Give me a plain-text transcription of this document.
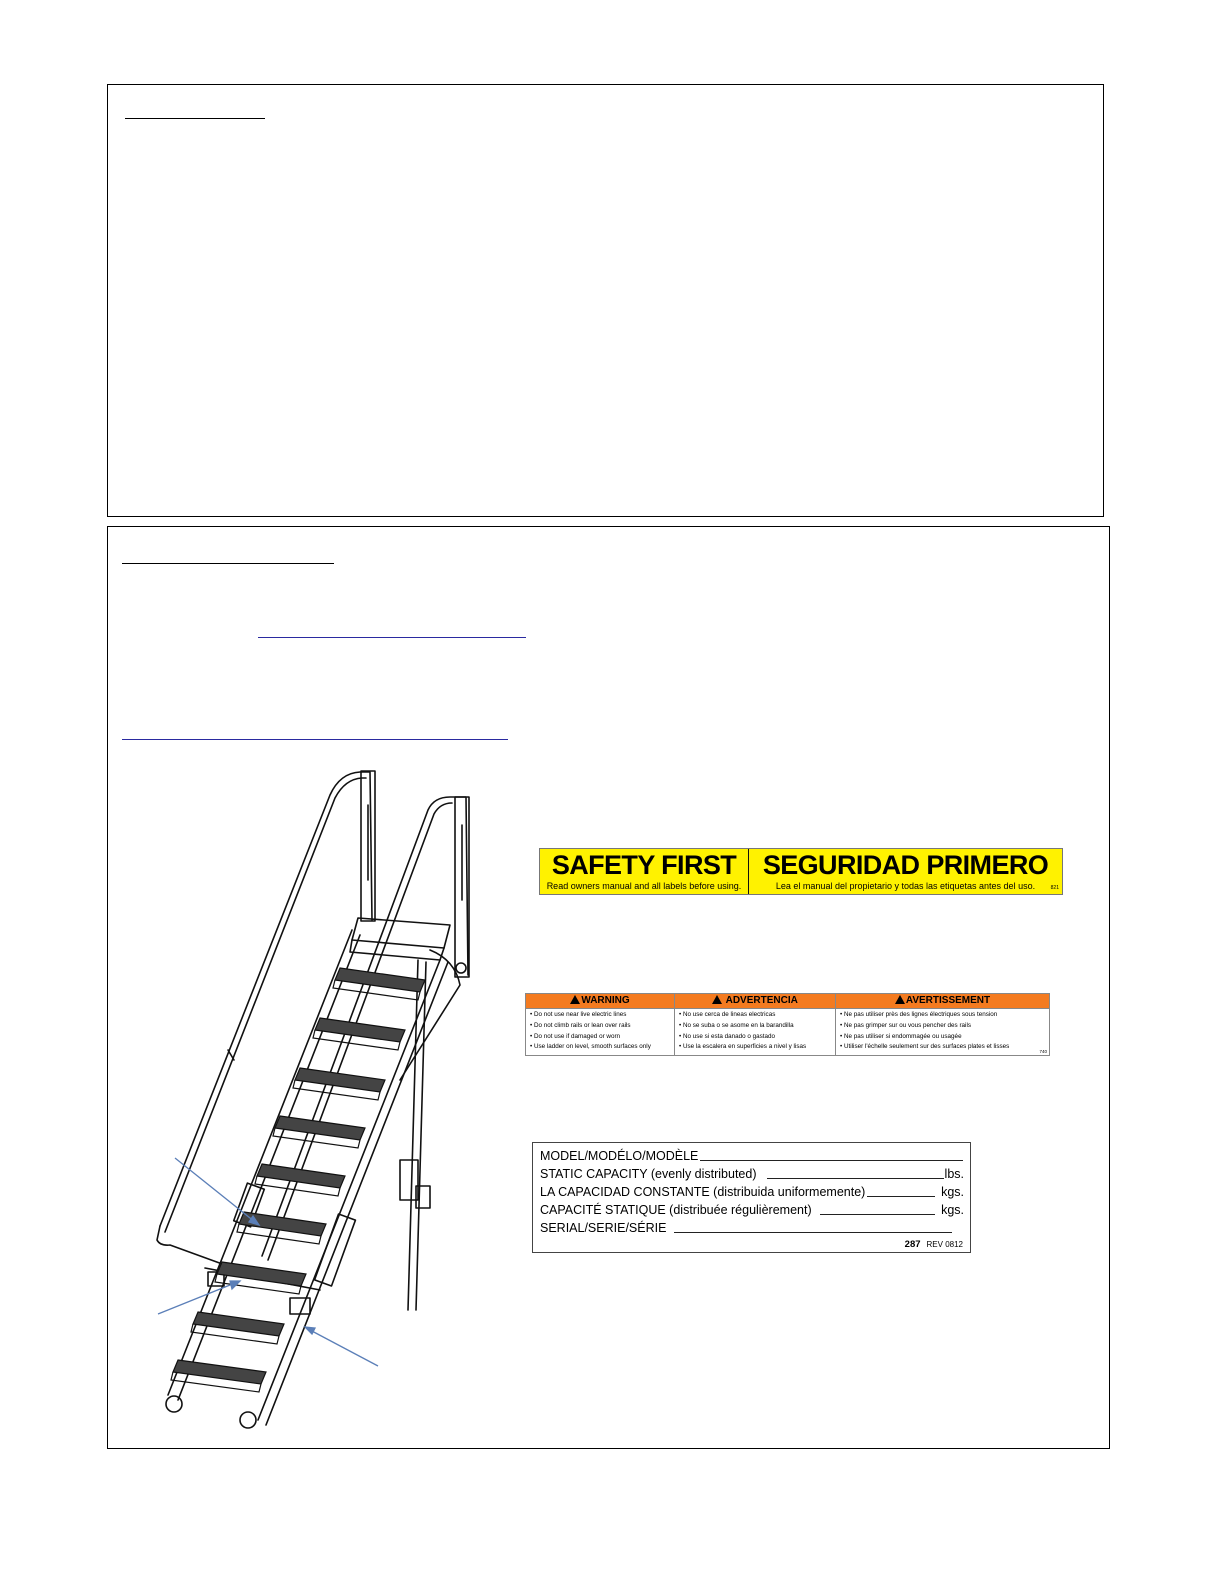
SAFETY FIRST
Read owners manual and all labels before using.
SEGURIDAD PRIMERO
Lea el manual del propietario y todas las etiquetas antes del uso.	821
WARNING
• Do not use near live electric lines
• Do not climb rails or lean over rails
• Do not use if damaged or worn
• Use ladder on level, smooth surfaces only
ADVERTENCIA
• No use cerca de lineas electricas
• No se suba o se asome en la barandilla
• No use si esta danado o gastado
• Use la escalera en superficies a nivel y lisas
AVERTISSEMENT
• Ne pas utiliser près des lignes électriques sous tension
• Ne pas grimper sur ou vous pencher des rails
• Ne pas utiliser si endommagée ou usagée
• Utiliser l'échelle seulement sur des surfaces plates et lisses
740
MODEL/MODÉLO/MODÈLE
STATIC CAPACITY (evenly distributed)	lbs.
LA CAPACIDAD CONSTANTE (distribuida uniformemente)	kgs.
CAPACITÉ STATIQUE (distribuée régulièrement)	kgs.
SERIAL/SERIE/SÉRIE
287 REV 0812
